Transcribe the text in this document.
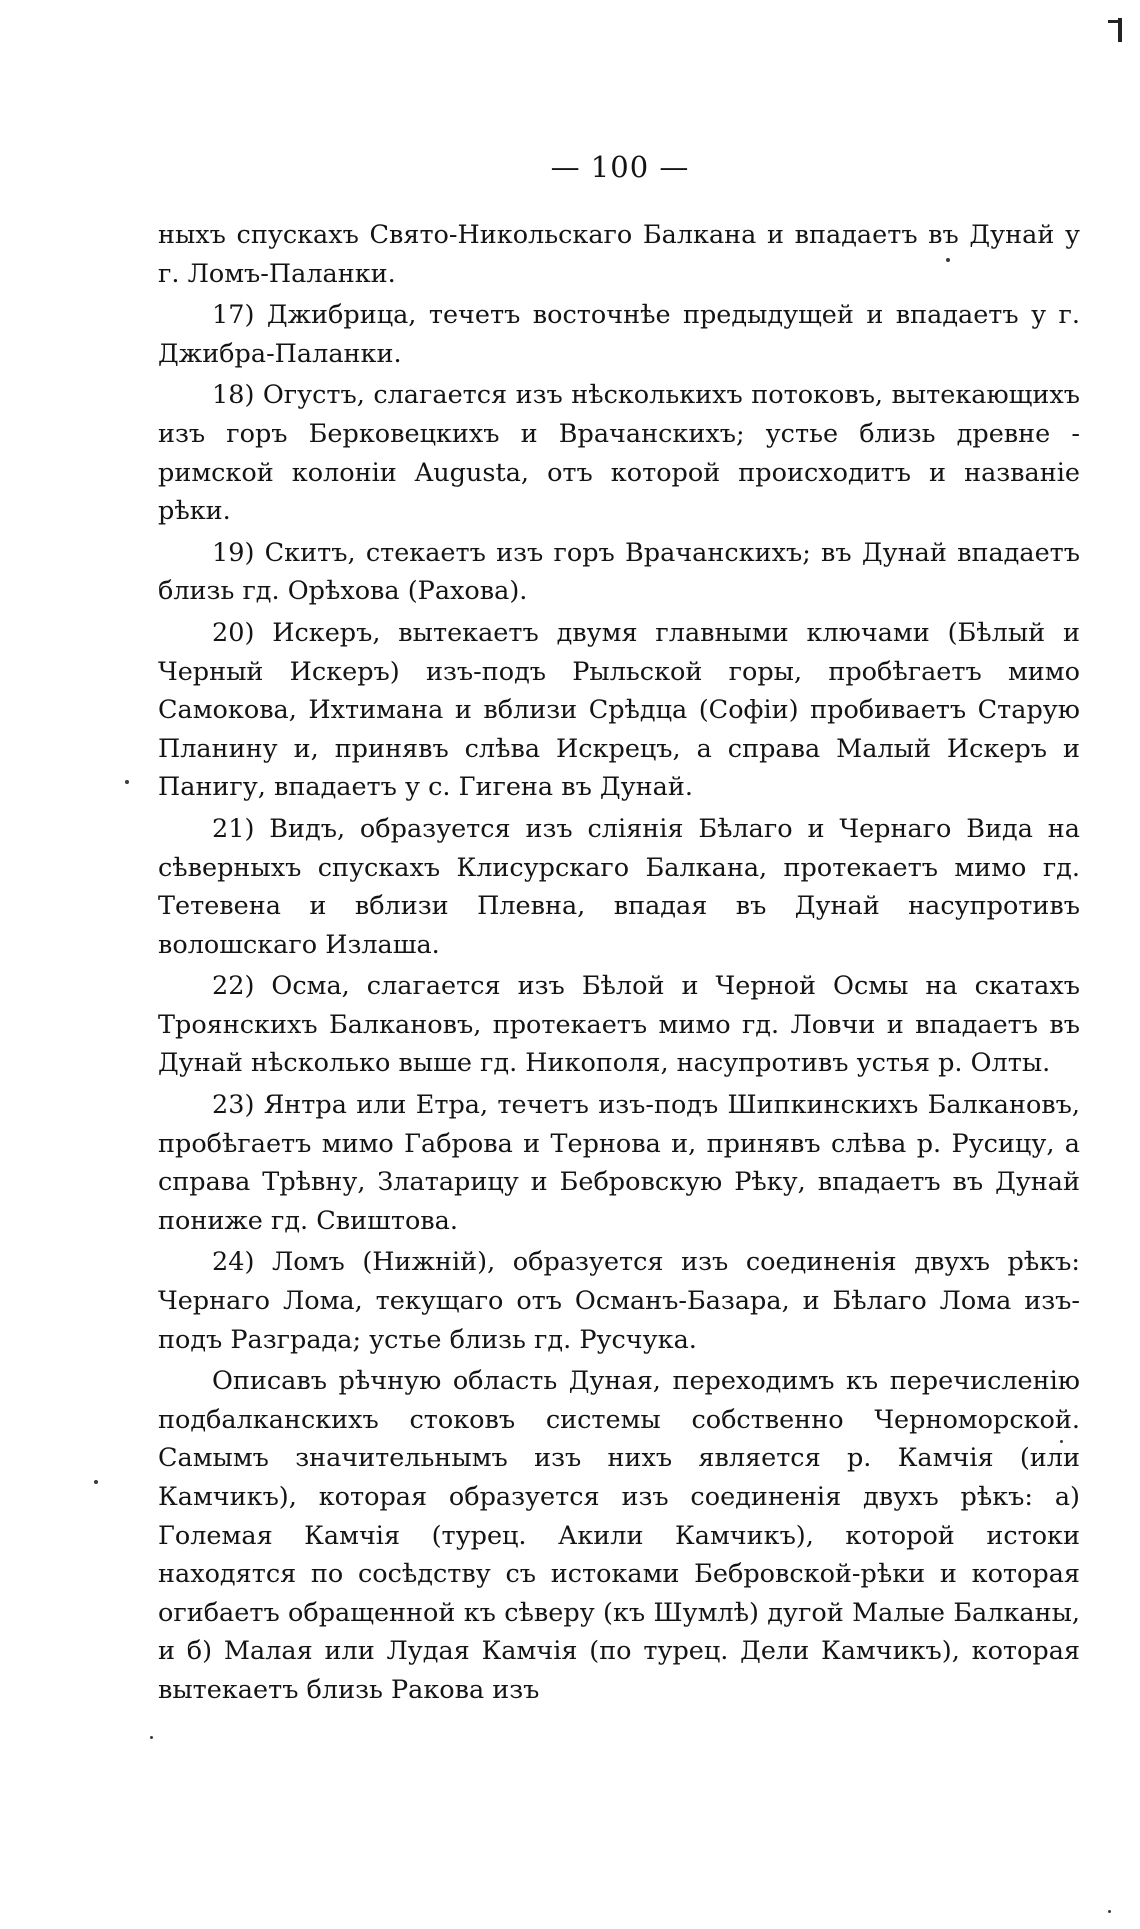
— 100 —

ныхъ спускахъ Свято-Никольскаго Балкана и впадаетъ въ Дунай у г. Ломъ-Паланки.

17) Джибрица, течетъ восточнѣе предыдущей и впадаетъ у г. Джибра-Паланки.

18) Огустъ, слагается изъ нѣсколькихъ потоковъ, вытекающихъ изъ горъ Берковецкихъ и Врачанскихъ; устье близь древне - римской колоніи Augusta, отъ которой происходитъ и названіе рѣки.

19) Скитъ, стекаетъ изъ горъ Врачанскихъ; въ Дунай впадаетъ близь гд. Орѣхова (Рахова).

20) Искеръ, вытекаетъ двумя главными ключами (Бѣлый и Черный Искеръ) изъ-подъ Рыльской горы, пробѣгаетъ мимо Самокова, Ихтимана и вблизи Срѣдца (Софіи) пробиваетъ Старую Планину и, принявъ слѣва Искрецъ, а справа Малый Искеръ и Панигу, впадаетъ у с. Гигена въ Дунай.

21) Видъ, образуется изъ сліянія Бѣлаго и Чернаго Вида на сѣверныхъ спускахъ Клисурскаго Балкана, протекаетъ мимо гд. Тетевена и вблизи Плевна, впадая въ Дунай насупротивъ волошскаго Излаша.

22) Осма, слагается изъ Бѣлой и Черной Осмы на скатахъ Троянскихъ Балкановъ, протекаетъ мимо гд. Ловчи и впадаетъ въ Дунай нѣсколько выше гд. Никополя, насупротивъ устья р. Олты.

23) Янтра или Етра, течетъ изъ-подъ Шипкинскихъ Балкановъ, пробѣгаетъ мимо Габрова и Тернова и, принявъ слѣва р. Русицу, а справа Трѣвну, Златарицу и Бебровскую Рѣку, впадаетъ въ Дунай пониже гд. Свиштова.

24) Ломъ (Нижній), образуется изъ соединенія двухъ рѣкъ: Чернаго Лома, текущаго отъ Османъ-Базара, и Бѣлаго Лома изъ-подъ Разграда; устье близь гд. Русчука.

Описавъ рѣчную область Дуная, переходимъ къ перечисленію подбалканскихъ стоковъ системы собственно Черноморской. Самымъ значительнымъ изъ нихъ является р. Камчія (или Камчикъ), которая образуется изъ соединенія двухъ рѣкъ: а) Големая Камчія (турец. Акили Камчикъ), которой истоки находятся по сосѣдству съ истоками Бебровской-рѣки и которая огибаетъ обращенной къ сѣверу (къ Шумлѣ) дугой Малые Балканы, и б) Малая или Лудая Камчія (по турец. Дели Камчикъ), которая вытекаетъ близь Ракова изъ
